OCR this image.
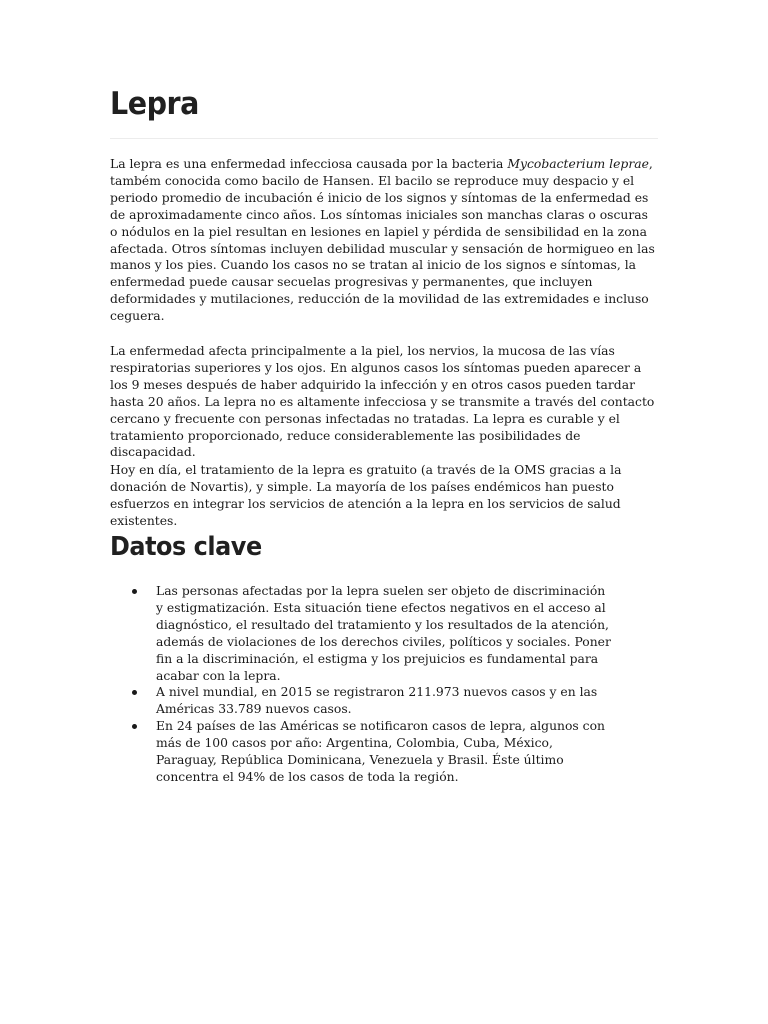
Lepra

La lepra es una enfermedad infecciosa causada por la bacteria Mycobacterium leprae, também conocida como bacilo de Hansen. El bacilo se reproduce muy despacio y el periodo promedio de incubación é inicio de los signos y síntomas de la enfermedad es de aproximadamente cinco años. Los síntomas iniciales son manchas claras o oscuras o nódulos en la piel resultan en lesiones en lapiel y pérdida de sensibilidad en la zona afectada. Otros síntomas incluyen debilidad muscular y sensación de hormigueo en las manos y los pies. Cuando los casos no se tratan al inicio de los signos e síntomas, la enfermedad puede causar secuelas progresivas y permanentes, que incluyen deformidades y mutilaciones, reducción de la movilidad de las extremidades e incluso ceguera.

La enfermedad afecta principalmente a la piel, los nervios, la mucosa de las vías respiratorias superiores y los ojos. En algunos casos los síntomas pueden aparecer a los 9 meses después de haber adquirido la infección y en otros casos pueden tardar hasta 20 años. La lepra no es altamente infecciosa y se transmite a través del contacto cercano y frecuente con personas infectadas no tratadas. La lepra es curable y el tratamiento proporcionado, reduce considerablemente las posibilidades de discapacidad.

Hoy en día, el tratamiento de la lepra es gratuito (a través de la OMS gracias a la donación de Novartis), y simple. La mayoría de los países endémicos han puesto esfuerzos en integrar los servicios de atención a la lepra en los servicios de salud existentes.

Datos clave
Las personas afectadas por la lepra suelen ser objeto de discriminación y estigmatización. Esta situación tiene efectos negativos en el acceso al diagnóstico, el resultado del tratamiento y los resultados de la atención, además de violaciones de los derechos civiles, políticos y sociales. Poner fin a la discriminación, el estigma y los prejuicios es fundamental para acabar con la lepra.
A nivel mundial, en 2015 se registraron 211.973 nuevos casos y en las Américas 33.789 nuevos casos.
En 24 países de las Américas se notificaron casos de lepra, algunos con más de 100 casos por año: Argentina, Colombia, Cuba, México, Paraguay, República Dominicana, Venezuela y Brasil. Éste último concentra el 94% de los casos de toda la región.
